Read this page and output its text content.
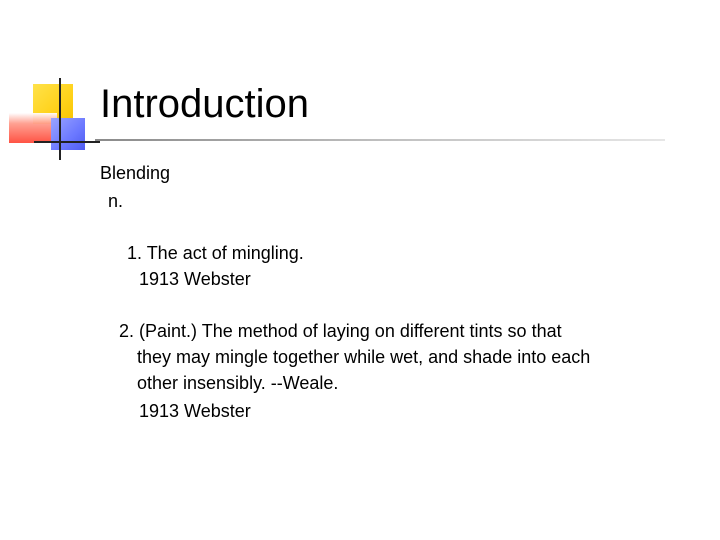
Introduction
Blending
n.
1. The act of mingling.
1913 Webster
2. (Paint.) The method of laying on different tints so that
they may mingle together while wet, and shade into each
other insensibly. --Weale.
1913 Webster
